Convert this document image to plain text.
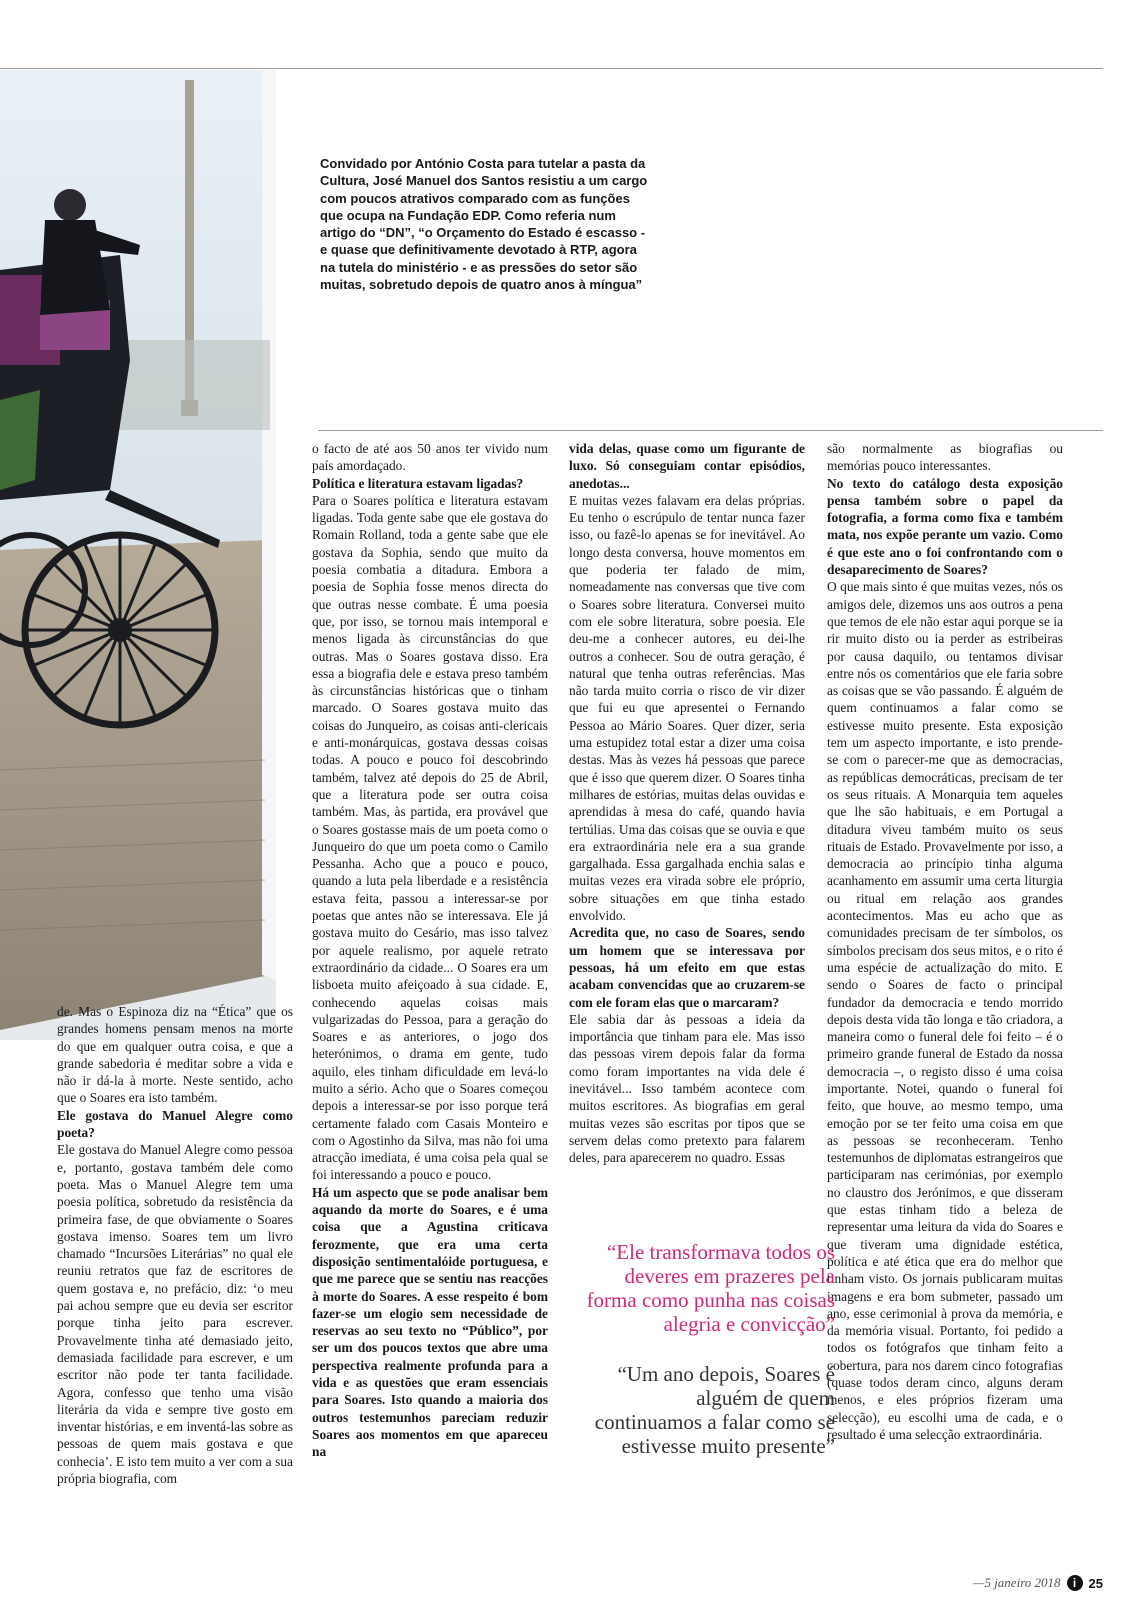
Convidado por António Costa para tutelar a pasta da Cultura, José Manuel dos Santos resistiu a um cargo com poucos atrativos comparado com as funções que ocupa na Fundação EDP. Como referia num artigo do “DN”, “o Orçamento do Estado é escasso - e quase que definitivamente devotado à RTP, agora na tutela do ministério - e as pressões do setor são muitas, sobretudo depois de quatro anos à míngua”

de. Mas o Espinoza diz na “Ética” que os grandes homens pensam menos na morte do que em qualquer outra coisa, e que a grande sabedoria é meditar sobre a vida e não ir dá-la à morte. Neste sentido, acho que o Soares era isto também.

Ele gostava do Manuel Alegre como poeta?

Ele gostava do Manuel Alegre como pessoa e, portanto, gostava também dele como poeta. Mas o Manuel Alegre tem uma poesia política, sobretudo da resistência da primeira fase, de que obviamente o Soares gostava imenso. Soares tem um livro chamado “Incursões Literárias” no qual ele reuniu retratos que faz de escritores de quem gostava e, no prefácio, diz: ‘o meu pai achou sempre que eu devia ser escritor porque tinha jeito para escrever. Provavelmente tinha até demasiado jeito, demasiada facilidade para escrever, e um escritor não pode ter tanta facilidade. Agora, confesso que tenho uma visão literária da vida e sempre tive gosto em inventar histórias, e em inventá-las sobre as pessoas de quem mais gostava e que conhecia’. E isto tem muito a ver com a sua própria biografia, com

o facto de até aos 50 anos ter vivido num país amordaçado.

Política e literatura estavam ligadas?

Para o Soares política e literatura estavam ligadas. Toda gente sabe que ele gostava do Romain Rolland, toda a gente sabe que ele gostava da Sophia, sendo que muito da poesia combatia a ditadura. Embora a poesia de Sophia fosse menos directa do que outras nesse combate. É uma poesia que, por isso, se tornou mais intemporal e menos ligada às circunstâncias do que outras. Mas o Soares gostava disso. Era essa a biografia dele e estava preso também às circunstâncias históricas que o tinham marcado. O Soares gostava muito das coisas do Junqueiro, as coisas anti-clericais e anti-monárquicas, gostava dessas coisas todas. A pouco e pouco foi descobrindo também, talvez até depois do 25 de Abril, que a literatura pode ser outra coisa também. Mas, às partida, era provável que o Soares gostasse mais de um poeta como o Junqueiro do que um poeta como o Camilo Pessanha. Acho que a pouco e pouco, quando a luta pela liberdade e a resistência estava feita, passou a interessar-se por poetas que antes não se interessava. Ele já gostava muito do Cesário, mas isso talvez por aquele realismo, por aquele retrato extraordinário da cidade... O Soares era um lisboeta muito afeiçoado à sua cidade. E, conhecendo aquelas coisas mais vulgarizadas do Pessoa, para a geração do Soares e as anteriores, o jogo dos heterónimos, o drama em gente, tudo aquilo, eles tinham dificuldade em levá-lo muito a sério. Acho que o Soares começou depois a interessar-se por isso porque terá certamente falado com Casais Monteiro e com o Agostinho da Silva, mas não foi uma atracção imediata, é uma coisa pela qual se foi interessando a pouco e pouco.

Há um aspecto que se pode analisar bem aquando da morte do Soares, e é uma coisa que a Agustina criticava ferozmente, que era uma certa disposição sentimentalóide portuguesa, e que me parece que se sentiu nas reacções à morte do Soares. A esse respeito é bom fazer-se um elogio sem necessidade de reservas ao seu texto no “Público”, por ser um dos poucos textos que abre uma perspectiva realmente profunda para a vida e as questões que eram essenciais para Soares. Isto quando a maioria dos outros testemunhos pareciam reduzir Soares aos momentos em que apareceu na

vida delas, quase como um figurante de luxo. Só conseguiam contar episódios, anedotas...

E muitas vezes falavam era delas próprias. Eu tenho o escrúpulo de tentar nunca fazer isso, ou fazê-lo apenas se for inevitável. Ao longo desta conversa, houve momentos em que poderia ter falado de mim, nomeadamente nas conversas que tive com o Soares sobre literatura. Conversei muito com ele sobre literatura, sobre poesia. Ele deu-me a conhecer autores, eu dei-lhe outros a conhecer. Sou de outra geração, é natural que tenha outras referências. Mas não tarda muito corria o risco de vir dizer que fui eu que apresentei o Fernando Pessoa ao Mário Soares. Quer dizer, seria uma estupidez total estar a dizer uma coisa destas. Mas às vezes há pessoas que parece que é isso que querem dizer. O Soares tinha milhares de estórias, muitas delas ouvidas e aprendidas à mesa do café, quando havia tertúlias. Uma das coisas que se ouvia e que era extraordinária nele era a sua grande gargalhada. Essa gargalhada enchia salas e muitas vezes era virada sobre ele próprio, sobre situações em que tinha estado envolvido.

Acredita que, no caso de Soares, sendo um homem que se interessava por pessoas, há um efeito em que estas acabam convencidas que ao cruzarem-se com ele foram elas que o marcaram?

Ele sabia dar às pessoas a ideia da importância que tinham para ele. Mas isso das pessoas virem depois falar da forma como foram importantes na vida dele é inevitável... Isso também acontece com muitos escritores. As biografias em geral muitas vezes são escritas por tipos que se servem delas como pretexto para falarem deles, para aparecerem no quadro. Essas

são normalmente as biografias ou memórias pouco interessantes.

No texto do catálogo desta exposição pensa também sobre o papel da fotografia, a forma como fixa e também mata, nos expõe perante um vazio. Como é que este ano o foi confrontando com o desaparecimento de Soares?

O que mais sinto é que muitas vezes, nós os amigos dele, dizemos uns aos outros a pena que temos de ele não estar aqui porque se ia rir muito disto ou ia perder as estribeiras por causa daquilo, ou tentamos divisar entre nós os comentários que ele faria sobre as coisas que se vão passando. É alguém de quem continuamos a falar como se estivesse muito presente. Esta exposição tem um aspecto importante, e isto prende-se com o parecer-me que as democracias, as repúblicas democráticas, precisam de ter os seus rituais. A Monarquia tem aqueles que lhe são habituais, e em Portugal a ditadura viveu também muito os seus rituais de Estado. Provavelmente por isso, a democracia ao princípio tinha alguma acanhamento em assumir uma certa liturgia ou ritual em relação aos grandes acontecimentos. Mas eu acho que as comunidades precisam de ter símbolos, os símbolos precisam dos seus mitos, e o rito é uma espécie de actualização do mito. E sendo o Soares de facto o principal fundador da democracia e tendo morrido depois desta vida tão longa e tão criadora, a maneira como o funeral dele foi feito – é o primeiro grande funeral de Estado da nossa democracia –, o registo disso é uma coisa importante. Notei, quando o funeral foi feito, que houve, ao mesmo tempo, uma emoção por se ter feito uma coisa em que as pessoas se reconheceram. Tenho testemunhos de diplomatas estrangeiros que participaram nas cerimónias, por exemplo no claustro dos Jerónimos, e que disseram que estas tinham tido a beleza de representar uma leitura da vida do Soares e que tiveram uma dignidade estética, política e até ética que era do melhor que tinham visto. Os jornais publicaram muitas imagens e era bom submeter, passado um ano, esse cerimonial à prova da memória, e da memória visual. Portanto, foi pedido a todos os fotógrafos que tinham feito a cobertura, para nos darem cinco fotografias (quase todos deram cinco, alguns deram menos, e eles próprios fizeram uma selecção), eu escolhi uma de cada, e o resultado é uma selecção extraordinária.

“Ele transformava todos os deveres em prazeres pela forma como punha nas coisas alegria e convicção”
“Um ano depois, Soares é alguém de quem continuamos a falar como se estivesse muito presente”
—5 janeiro 2018	i 25
